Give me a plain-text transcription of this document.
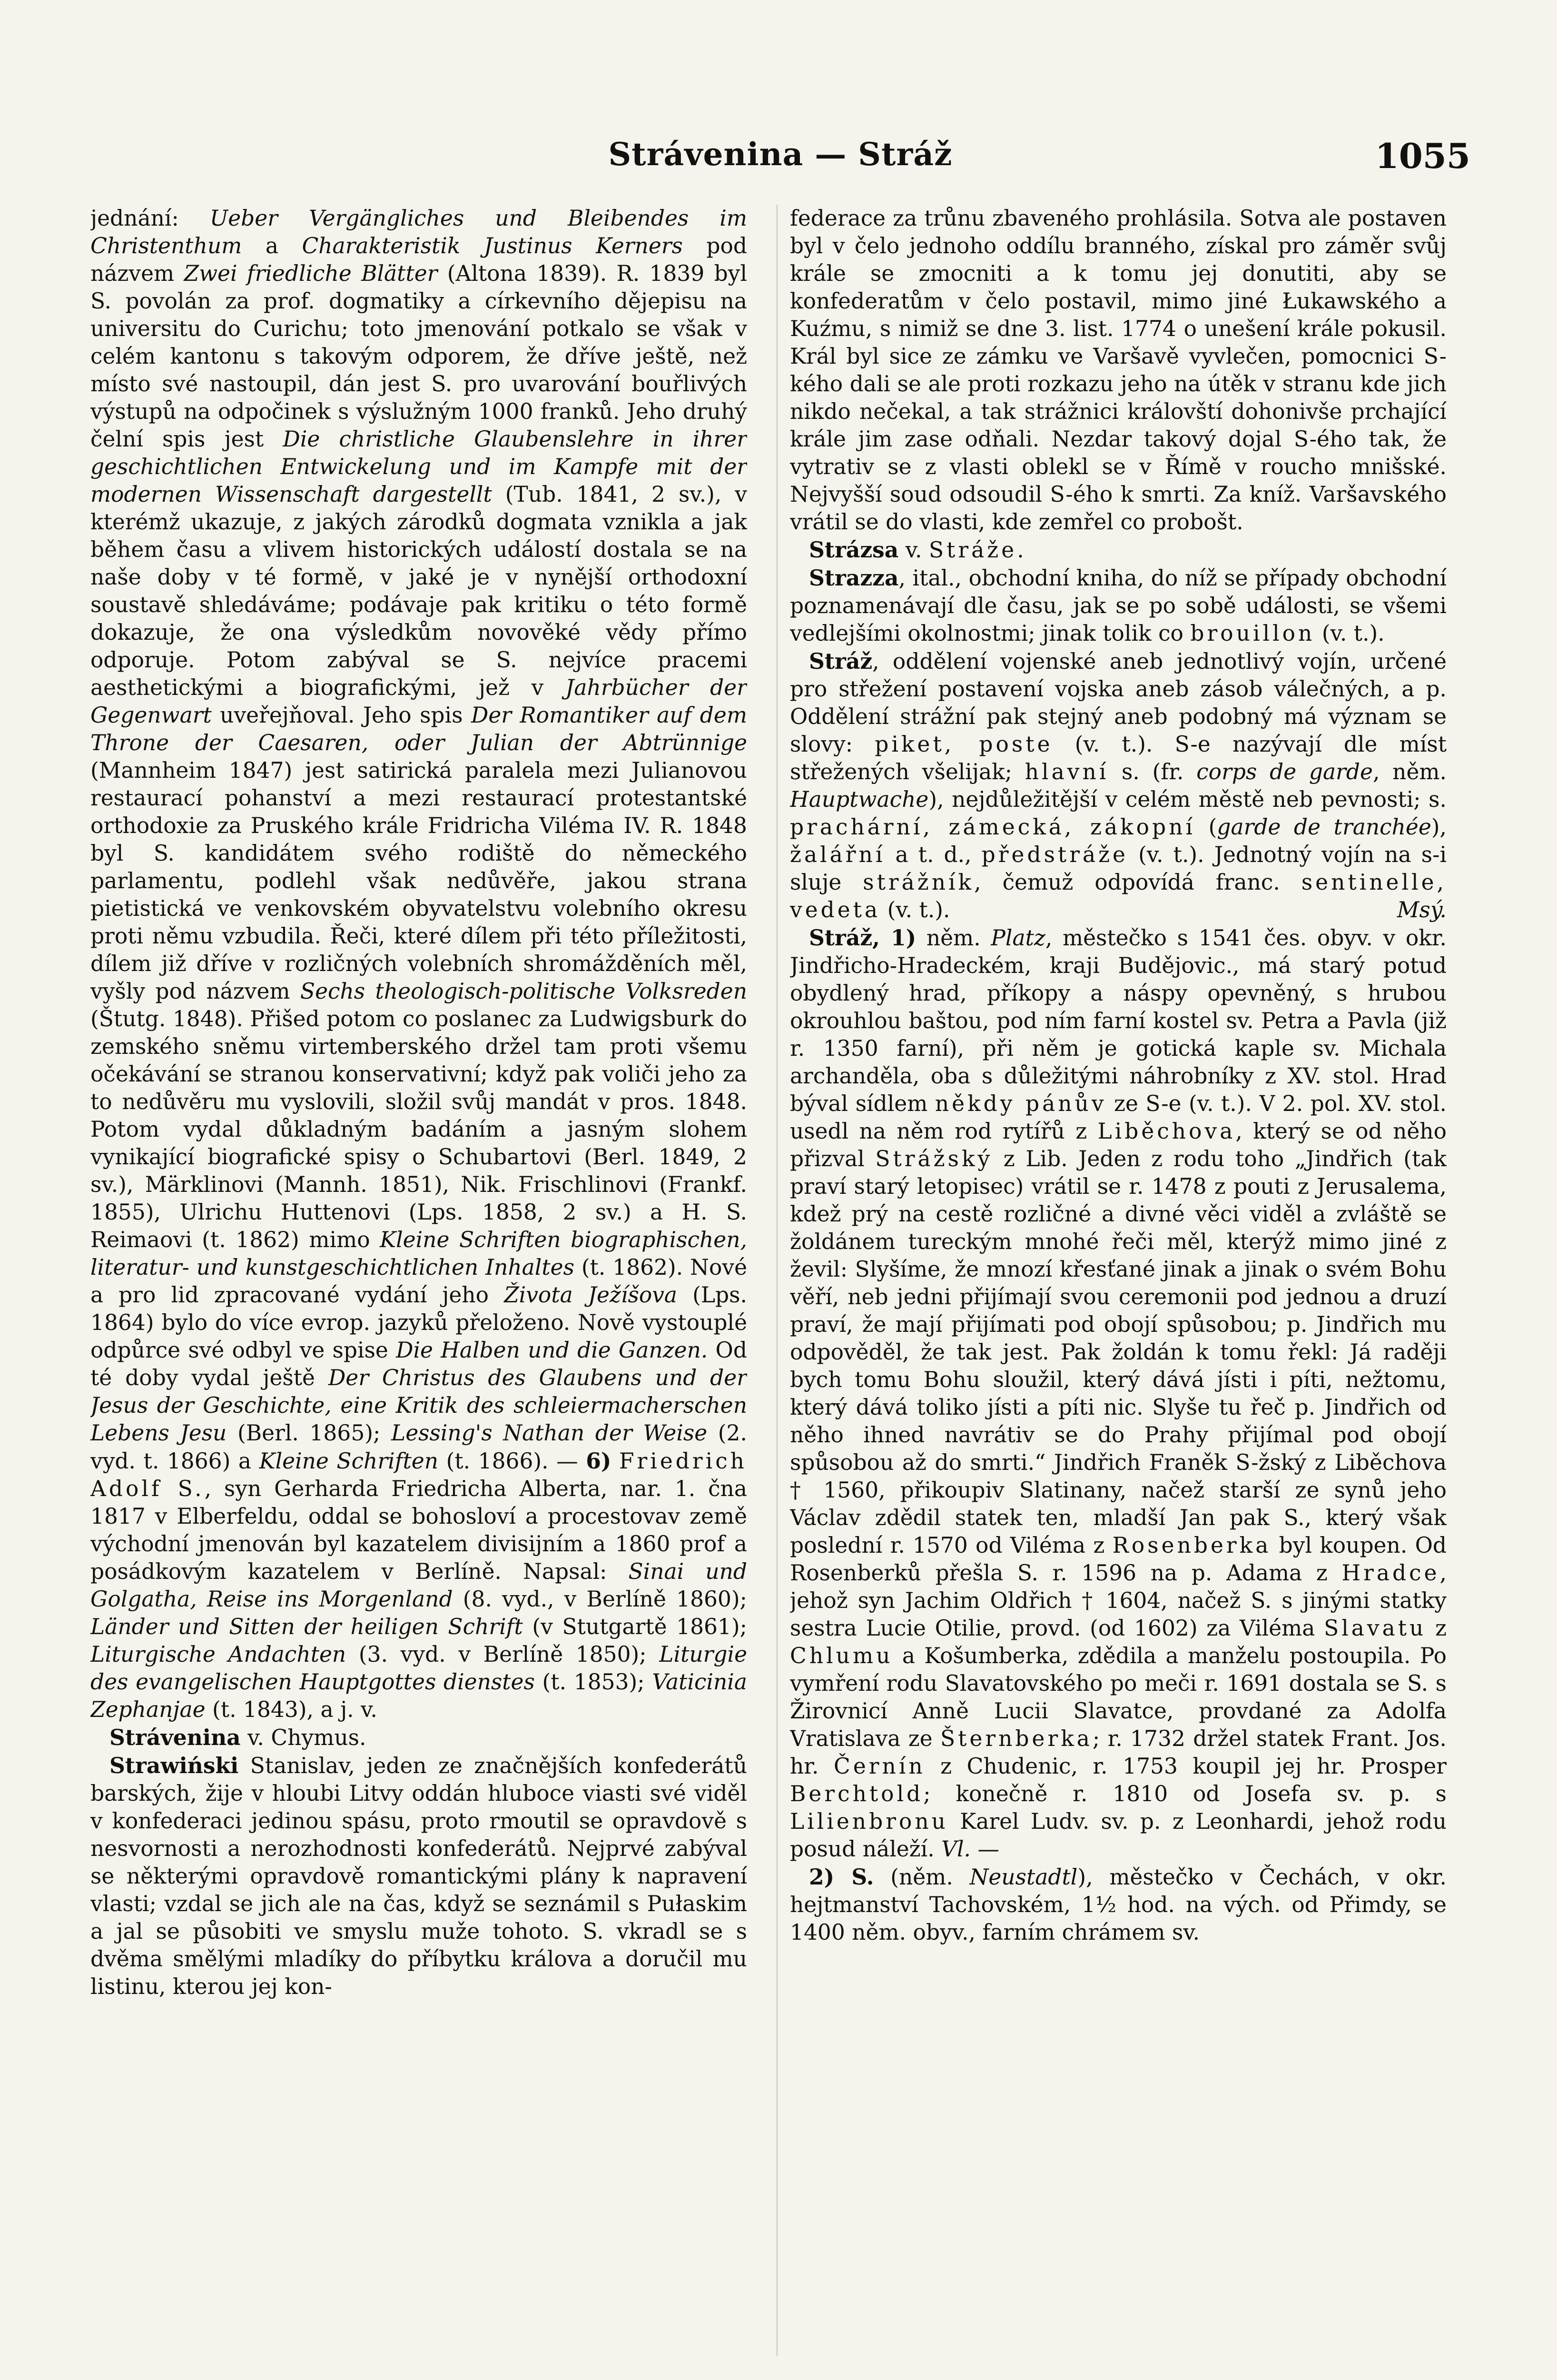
Strávenina — Stráž	1055

jednání: Ueber Vergängliches und Bleibendes im Christenthum a Charakteristik Justinus Kerners pod názvem Zwei friedliche Blätter (Altona 1839). R. 1839 byl S. povolán za prof. dogmatiky a církevního dějepisu na universitu do Curichu; toto jmenování potkalo se však v celém kantonu s takovým odporem, že dříve ještě, než místo své nastoupil, dán jest S. pro uvarování bouřlivých výstupů na odpočinek s výslužným 1000 franků. Jeho druhý čelní spis jest Die christliche Glaubenslehre in ihrer geschichtlichen Entwickelung und im Kampfe mit der modernen Wissenschaft dargestellt (Tub. 1841, 2 sv.), v kterémž ukazuje, z jakých zárodků dogmata vznikla a jak během času a vlivem historických událostí dostala se na naše doby v té formě, v jaké je v nynější orthodoxní soustavě shledáváme; podávaje pak kritiku o této formě dokazuje, že ona výsledkům novověké vědy přímo odporuje. Potom zabýval se S. nejvíce pracemi aesthetickými a biografickými, jež v Jahrbücher der Gegenwart uveřejňoval. Jeho spis Der Romantiker auf dem Throne der Caesaren, oder Julian der Abtrünnige (Mannheim 1847) jest satirická paralela mezi Julianovou restaurací pohanství a mezi restaurací protestantské orthodoxie za Pruského krále Fridricha Viléma IV. R. 1848 byl S. kandidátem svého rodiště do německého parlamentu, podlehl však nedůvěře, jakou strana pietistická ve venkovském obyvatelstvu volebního okresu proti němu vzbudila. Řeči, které dílem při této příležitosti, dílem již dříve v rozličných volebních shromážděních měl, vyšly pod názvem Sechs theologisch-politische Volksreden (Štutg. 1848). Přišed potom co poslanec za Ludwigsburk do zemského sněmu virtemberského držel tam proti všemu očekávání se stranou konservativní; když pak voliči jeho za to nedůvěru mu vyslovili, složil svůj mandát v pros. 1848. Potom vydal důkladným badáním a jasným slohem vynikající biografické spisy o Schubartovi (Berl. 1849, 2 sv.), Märklinovi (Mannh. 1851), Nik. Frischlinovi (Frankf. 1855), Ulrichu Huttenovi (Lps. 1858, 2 sv.) a H. S. Reimaovi (t. 1862) mimo Kleine Schriften biographischen, literatur- und kunstgeschichtlichen Inhaltes (t. 1862). Nové a pro lid zpracované vydání jeho Života Ježíšova (Lps. 1864) bylo do více evrop. jazyků přeloženo. Nově vystouplé odpůrce své odbyl ve spise Die Halben und die Ganzen. Od té doby vydal ještě Der Christus des Glaubens und der Jesus der Geschichte, eine Kritik des schleiermacherschen Lebens Jesu (Berl. 1865); Lessing's Nathan der Weise (2. vyd. t. 1866) a Kleine Schriften (t. 1866). — 6) Friedrich Adolf S., syn Gerharda Friedricha Alberta, nar. 1. čna 1817 v Elberfeldu, oddal se bohosloví a procestovav země východní jmenován byl kazatelem divisijním a 1860 prof a posádkovým kazatelem v Berlíně. Napsal: Sinai und Golgatha, Reise ins Morgenland (8. vyd., v Berlíně 1860); Länder und Sitten der heiligen Schrift (v Stutgartě 1861); Liturgische Andachten (3. vyd. v Berlíně 1850); Liturgie des evangelischen Hauptgottes dienstes (t. 1853); Vaticinia Zephanjae (t. 1843), a j. v.

Strávenina v. Chymus.

Strawiński Stanislav, jeden ze značnějších konfederátů barských, žije v hloubi Litvy oddán hluboce viasti své viděl v konfederaci jedinou spásu, proto rmoutil se opravdově s nesvornosti a nerozhodnosti konfederátů. Nejprvé zabýval se některými opravdově romantickými plány k napravení vlasti; vzdal se jich ale na čas, když se seznámil s Pułaskim a jal se působiti ve smyslu muže tohoto. S. vkradl se s dvěma smělými mladíky do příbytku králova a doručil mu listinu, kterou jej kon-

federace za trůnu zbaveného prohlásila. Sotva ale postaven byl v čelo jednoho oddílu branného, získal pro záměr svůj krále se zmocniti a k tomu jej donutiti, aby se konfederatům v čelo postavil, mimo jiné Łukawského a Kuźmu, s nimiž se dne 3. list. 1774 o unešení krále pokusil. Král byl sice ze zámku ve Varšavě vyvlečen, pomocnici S-kého dali se ale proti rozkazu jeho na útěk v stranu kde jich nikdo nečekal, a tak strážnici královští dohonivše prchající krále jim zase odňali. Nezdar takový dojal S-ého tak, že vytrativ se z vlasti oblekl se v Římě v roucho mnišské. Nejvyšší soud odsoudil S-ého k smrti. Za kníž. Varšavského vrátil se do vlasti, kde zemřel co probošt.

Strázsa v. Stráže.

Strazza, ital., obchodní kniha, do níž se případy obchodní poznamenávají dle času, jak se po sobě události, se všemi vedlejšími okolnostmi; jinak tolik co brouillon (v. t.).

Stráž, oddělení vojenské aneb jednotlivý vojín, určené pro střežení postavení vojska aneb zásob válečných, a p. Oddělení strážní pak stejný aneb podobný má význam se slovy: piket, poste (v. t.). S-e nazývají dle míst střežených všelijak; hlavní s. (fr. corps de garde, něm. Hauptwache), nejdůležitější v celém městě neb pevnosti; s. prachární, zámecká, zákopní (garde de tranchée), žalářní a t. d., předstráže (v. t.). Jednotný vojín na s-i sluje strážník, čemuž odpovídá franc. sentinelle, vedeta (v. t.).	Msý.

Stráž, 1) něm. Platz, městečko s 1541 čes. obyv. v okr. Jindřicho-Hradeckém, kraji Budějovic., má starý potud obydlený hrad, příkopy a náspy opevněný, s hrubou okrouhlou baštou, pod ním farní kostel sv. Petra a Pavla (již r. 1350 farní), při něm je gotická kaple sv. Michala archanděla, oba s důležitými náhrobníky z XV. stol. Hrad býval sídlem někdy pánův ze S-e (v. t.). V 2. pol. XV. stol. usedl na něm rod rytířů z Liběchova, který se od něho přizval Strážský z Lib. Jeden z rodu toho „Jindřich (tak praví starý letopisec) vrátil se r. 1478 z pouti z Jerusalema, kdež prý na cestě rozličné a divné věci viděl a zvláště se žoldánem tureckým mnohé řeči měl, kterýž mimo jiné z ževil: Slyšíme, že mnozí křesťané jinak a jinak o svém Bohu věří, neb jedni přijímají svou ceremonii pod jednou a druzí praví, že mají přijímati pod obojí spůsobou; p. Jindřich mu odpověděl, že tak jest. Pak žoldán k tomu řekl: Já raději bych tomu Bohu sloužil, který dává jísti i píti, nežtomu, který dává toliko jísti a píti nic. Slyše tu řeč p. Jindřich od něho ihned navrátiv se do Prahy přijímal pod obojí spůsobou až do smrti.“ Jindřich Franěk S-žský z Liběchova † 1560, přikoupiv Slatinany, načež starší ze synů jeho Václav zdědil statek ten, mladší Jan pak S., který však poslední r. 1570 od Viléma z Rosenberka byl koupen. Od Rosenberků přešla S. r. 1596 na p. Adama z Hradce, jehož syn Jachim Oldřich † 1604, načež S. s jinými statky sestra Lucie Otilie, provd. (od 1602) za Viléma Slavatu z Chlumu a Košumberka, zdědila a manželu postoupila. Po vymření rodu Slavatovského po meči r. 1691 dostala se S. s Žirovnicí Anně Lucii Slavatce, provdané za Adolfa Vratislava ze Šternberka; r. 1732 držel statek Frant. Jos. hr. Černín z Chudenic, r. 1753 koupil jej hr. Prosper Berchtold; konečně r. 1810 od Josefa sv. p. s Lilienbronu Karel Ludv. sv. p. z Leonhardi, jehož rodu posud náleží. Vl. —

2) S. (něm. Neustadtl), městečko v Čechách, v okr. hejtmanství Tachovském, 1½ hod. na vých. od Přimdy, se 1400 něm. obyv., farním chrámem sv.
